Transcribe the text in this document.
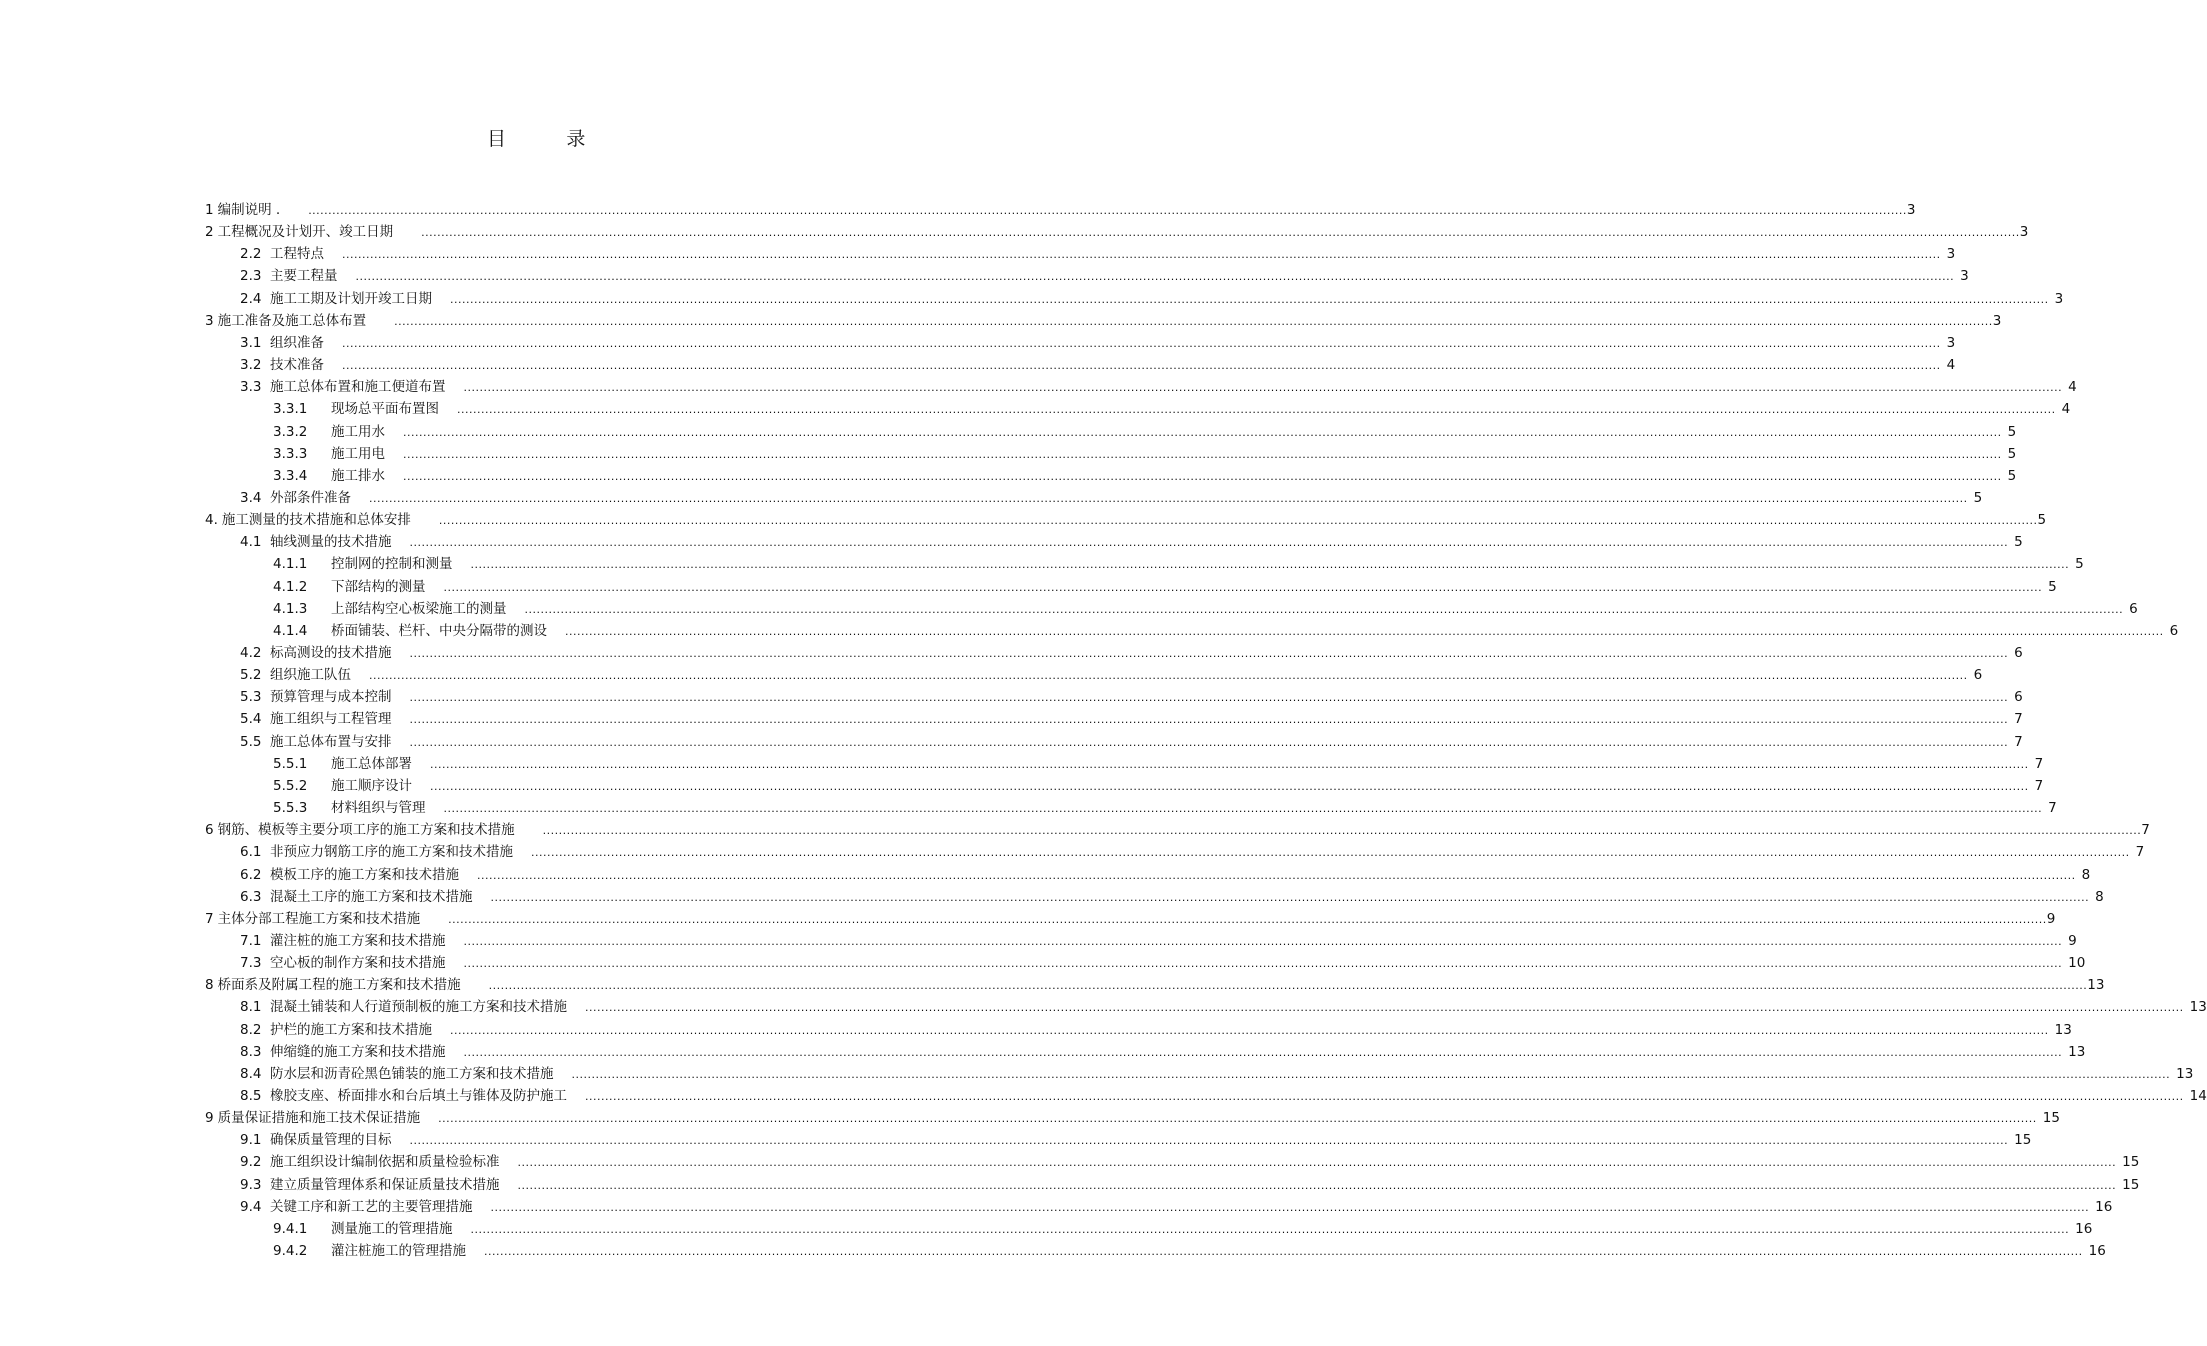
目          录
1 编制说明 .	................................................................................................................................................................................................................................................................................................................................................................................................................ 3
2 工程概况及计划开、竣工日期	................................................................................................................................................................................................................................................................................................................................................................................................................ 3
2.2 工程特点 ................................................................................................................................................................................................................................................................................................................................................................................................................ 3
2.3 主要工程量 ................................................................................................................................................................................................................................................................................................................................................................................................................ 3
2.4 施工工期及计划开竣工日期 ................................................................................................................................................................................................................................................................................................................................................................................................................ 3
3 施工准备及施工总体布置	................................................................................................................................................................................................................................................................................................................................................................................................................ 3
3.1 组织准备 ................................................................................................................................................................................................................................................................................................................................................................................................................ 3
3.2 技术准备 ................................................................................................................................................................................................................................................................................................................................................................................................................ 4
3.3 施工总体布置和施工便道布置 ................................................................................................................................................................................................................................................................................................................................................................................................................ 4
3.3.1	现场总平面布置图 ................................................................................................................................................................................................................................................................................................................................................................................................................ 4
3.3.2	施工用水 ................................................................................................................................................................................................................................................................................................................................................................................................................ 5
3.3.3	施工用电 ................................................................................................................................................................................................................................................................................................................................................................................................................ 5
3.3.4	施工排水 ................................................................................................................................................................................................................................................................................................................................................................................................................ 5
3.4 外部条件准备 ................................................................................................................................................................................................................................................................................................................................................................................................................ 5
4. 施工测量的技术措施和总体安排	................................................................................................................................................................................................................................................................................................................................................................................................................ 5
4.1 轴线测量的技术措施 ................................................................................................................................................................................................................................................................................................................................................................................................................ 5
4.1.1	控制网的控制和测量 ................................................................................................................................................................................................................................................................................................................................................................................................................ 5
4.1.2	下部结构的测量 ................................................................................................................................................................................................................................................................................................................................................................................................................ 5
4.1.3	上部结构空心板梁施工的测量 ................................................................................................................................................................................................................................................................................................................................................................................................................ 6
4.1.4	桥面铺装、栏杆、中央分隔带的测设 ................................................................................................................................................................................................................................................................................................................................................................................................................ 6
4.2 标高测设的技术措施 ................................................................................................................................................................................................................................................................................................................................................................................................................ 6
5.2 组织施工队伍 ................................................................................................................................................................................................................................................................................................................................................................................................................ 6
5.3 预算管理与成本控制 ................................................................................................................................................................................................................................................................................................................................................................................................................ 6
5.4 施工组织与工程管理 ................................................................................................................................................................................................................................................................................................................................................................................................................ 7
5.5 施工总体布置与安排 ................................................................................................................................................................................................................................................................................................................................................................................................................ 7
5.5.1	施工总体部署 ................................................................................................................................................................................................................................................................................................................................................................................................................ 7
5.5.2	施工顺序设计 ................................................................................................................................................................................................................................................................................................................................................................................................................ 7
5.5.3	材料组织与管理 ................................................................................................................................................................................................................................................................................................................................................................................................................ 7
6 钢筋、模板等主要分项工序的施工方案和技术措施	................................................................................................................................................................................................................................................................................................................................................................................................................ 7
6.1 非预应力钢筋工序的施工方案和技术措施 ................................................................................................................................................................................................................................................................................................................................................................................................................ 7
6.2 模板工序的施工方案和技术措施 ................................................................................................................................................................................................................................................................................................................................................................................................................ 8
6.3 混凝土工序的施工方案和技术措施 ................................................................................................................................................................................................................................................................................................................................................................................................................ 8
7 主体分部工程施工方案和技术措施	................................................................................................................................................................................................................................................................................................................................................................................................................ 9
7.1 灌注桩的施工方案和技术措施 ................................................................................................................................................................................................................................................................................................................................................................................................................ 9
7.3 空心板的制作方案和技术措施 ................................................................................................................................................................................................................................................................................................................................................................................................................ 10
8 桥面系及附属工程的施工方案和技术措施	................................................................................................................................................................................................................................................................................................................................................................................................................ 13
8.1 混凝土铺装和人行道预制板的施工方案和技术措施 ................................................................................................................................................................................................................................................................................................................................................................................................................ 13
8.2 护栏的施工方案和技术措施 ................................................................................................................................................................................................................................................................................................................................................................................................................ 13
8.3 伸缩缝的施工方案和技术措施 ................................................................................................................................................................................................................................................................................................................................................................................................................ 13
8.4 防水层和沥青砼黑色铺装的施工方案和技术措施 ................................................................................................................................................................................................................................................................................................................................................................................................................ 13
8.5 橡胶支座、桥面排水和台后填土与锥体及防护施工 ................................................................................................................................................................................................................................................................................................................................................................................................................ 14
9 质量保证措施和施工技术保证措施 ................................................................................................................................................................................................................................................................................................................................................................................................................ 15
9.1 确保质量管理的目标 ................................................................................................................................................................................................................................................................................................................................................................................................................ 15
9.2 施工组织设计编制依据和质量检验标准 ................................................................................................................................................................................................................................................................................................................................................................................................................ 15
9.3 建立质量管理体系和保证质量技术措施 ................................................................................................................................................................................................................................................................................................................................................................................................................ 15
9.4 关键工序和新工艺的主要管理措施 ................................................................................................................................................................................................................................................................................................................................................................................................................ 16
9.4.1	测量施工的管理措施 ................................................................................................................................................................................................................................................................................................................................................................................................................ 16
9.4.2	灌注桩施工的管理措施 ................................................................................................................................................................................................................................................................................................................................................................................................................ 16
